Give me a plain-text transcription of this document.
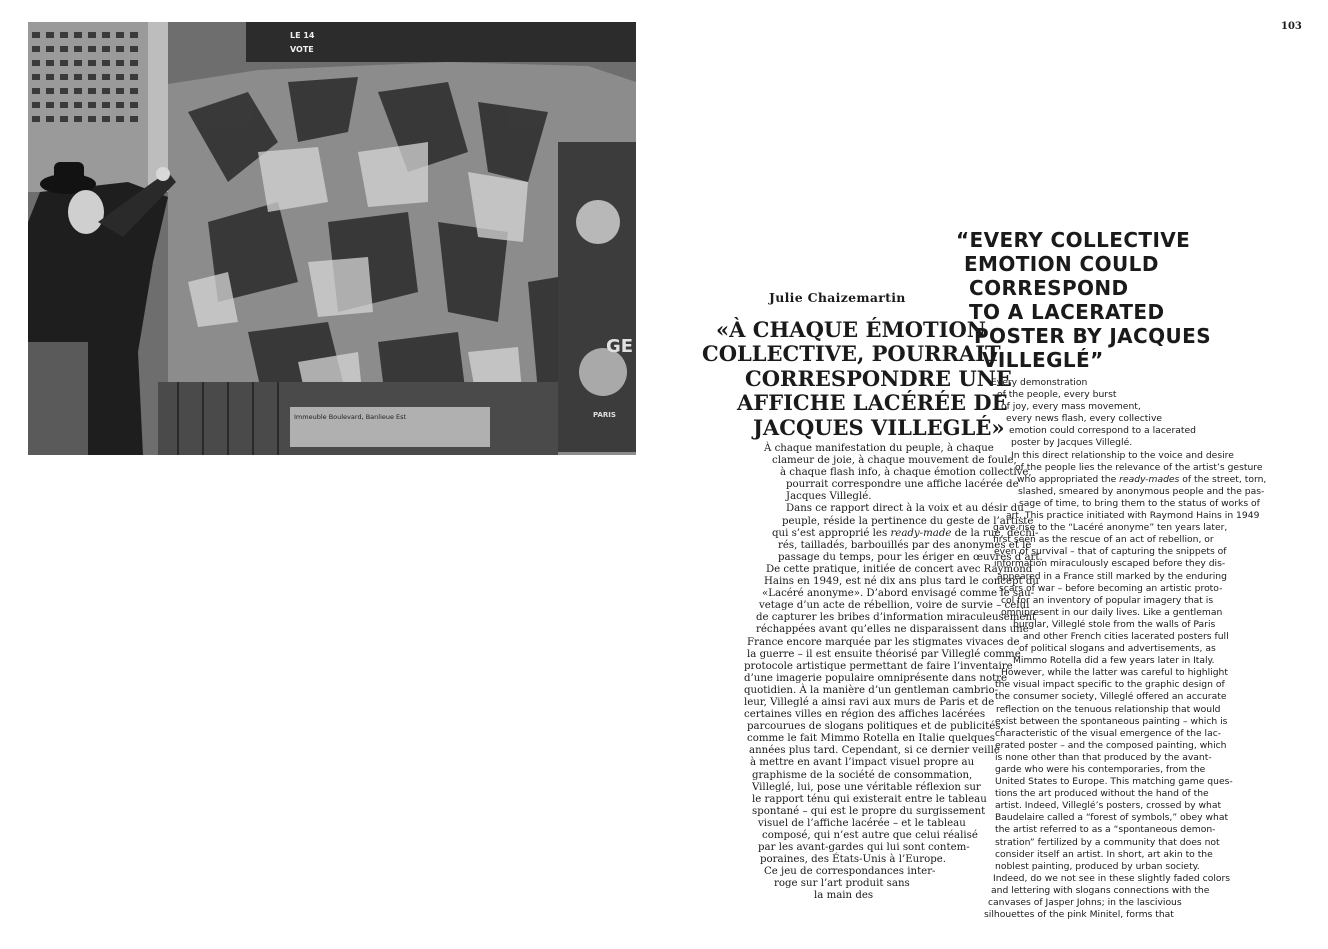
103
LE 14
VOTE
GE
PARIS
Immeuble Boulevard, Banlieue Est
Julie Chaizemartin
«À CHAQUE ÉMOTION
COLLECTIVE, POURRAIT
CORRESPONDRE UNE
AFFICHE LACÉRÉE DE
JACQUES VILLEGLÉ»
“EVERY COLLECTIVE
EMOTION COULD
CORRESPOND
TO A LACERATED
POSTER BY JACQUES
VILLEGLÉ”
À chaque manifestation du peuple, à chaque
clameur de joie, à chaque mouvement de foule,
à chaque flash info, à chaque émotion collective,
pourrait correspondre une affiche lacérée de
Jacques Villeglé.
Dans ce rapport direct à la voix et au désir du
peuple, réside la pertinence du geste de l’artiste
qui s’est approprié les ready-made de la rue, déchi-
rés, tailladés, barbouillés par des anonymes et le
passage du temps, pour les ériger en œuvres d’art.
De cette pratique, initiée de concert avec Raymond
Hains en 1949, est né dix ans plus tard le concept du
«Lacéré anonyme». D’abord envisagé comme le sau-
vetage d’un acte de rébellion, voire de survie – celui
de capturer les bribes d’information miraculeusement
réchappées avant qu’elles ne disparaissent dans une
France encore marquée par les stigmates vivaces de
la guerre – il est ensuite théorisé par Villeglé comme
protocole artistique permettant de faire l’inventaire
d’une imagerie populaire omniprésente dans notre
quotidien. À la manière d’un gentleman cambrio-
leur, Villeglé a ainsi ravi aux murs de Paris et de
certaines villes en région des affiches lacérées
parcourues de slogans politiques et de publicités,
comme le fait Mimmo Rotella en Italie quelques
années plus tard. Cependant, si ce dernier veille
à mettre en avant l’impact visuel propre au
graphisme de la société de consommation,
Villeglé, lui, pose une véritable réflexion sur
le rapport ténu qui existerait entre le tableau
spontané – qui est le propre du surgissement
visuel de l’affiche lacérée – et le tableau
composé, qui n’est autre que celui réalisé
par les avant-gardes qui lui sont contem-
poraines, des États-Unis à l’Europe.
Ce jeu de correspondances inter-
roge sur l’art produit sans
la main des
Every demonstration
of the people, every burst
of joy, every mass movement,
every news flash, every collective
emotion could correspond to a lacerated
poster by Jacques Villeglé.
In this direct relationship to the voice and desire
of the people lies the relevance of the artist’s gesture
who appropriated the ready-mades of the street, torn,
slashed, smeared by anonymous people and the pas-
sage of time, to bring them to the status of works of
art. This practice initiated with Raymond Hains in 1949
gave rise to the “Lacéré anonyme” ten years later,
first seen as the rescue of an act of rebellion, or
even of survival – that of capturing the snippets of
information miraculously escaped before they dis-
appeared in a France still marked by the enduring
scars of war – before becoming an artistic proto-
col for an inventory of popular imagery that is
omnipresent in our daily lives. Like a gentleman
burglar, Villeglé stole from the walls of Paris
and other French cities lacerated posters full
of political slogans and advertisements, as
Mimmo Rotella did a few years later in Italy.
However, while the latter was careful to highlight
the visual impact specific to the graphic design of
the consumer society, Villeglé offered an accurate
reflection on the tenuous relationship that would
exist between the spontaneous painting – which is
characteristic of the visual emergence of the lac-
erated poster – and the composed painting, which
is none other than that produced by the avant-
garde who were his contemporaries, from the
United States to Europe. This matching game ques-
tions the art produced without the hand of the
artist. Indeed, Villeglé’s posters, crossed by what
Baudelaire called a “forest of symbols,” obey what
the artist referred to as a “spontaneous demon-
stration” fertilized by a community that does not
consider itself an artist. In short, art akin to the
noblest painting, produced by urban society.
Indeed, do we not see in these slightly faded colors
and lettering with slogans connections with the
canvases of Jasper Johns; in the lascivious
silhouettes of the pink Minitel, forms that
